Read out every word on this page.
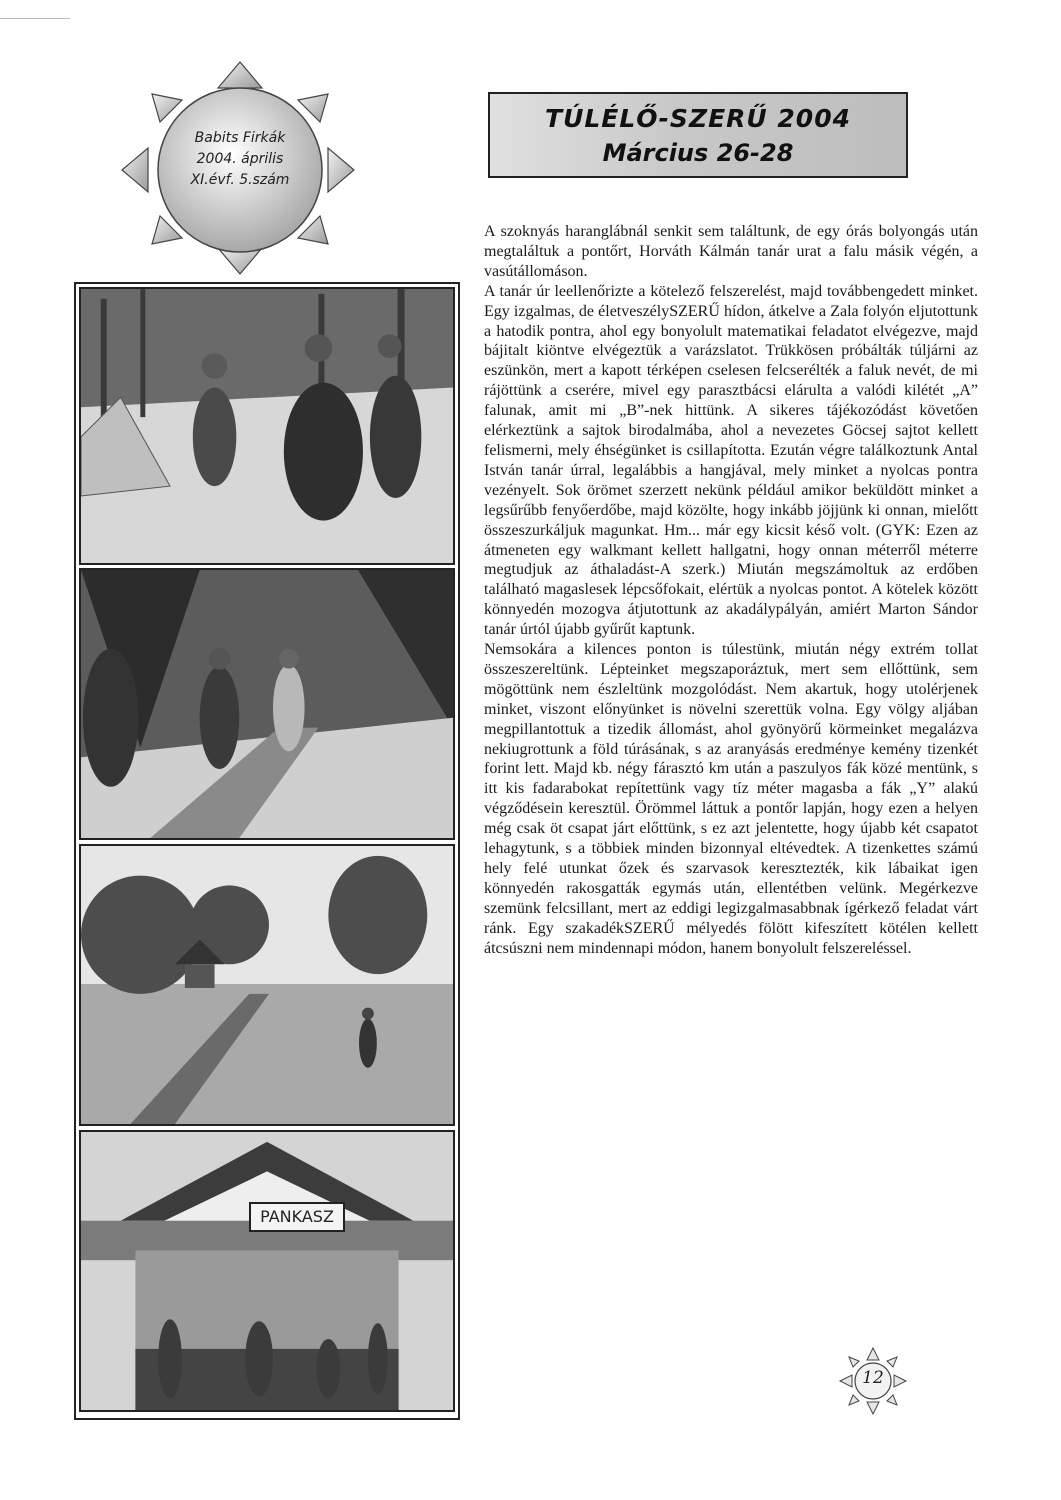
Babits Firkák
2004. április
XI.évf. 5.szám
TÚLÉLŐ-SZERŰ 2004
Március 26-28
PANKASZ

A szoknyás haranglábnál senkit sem találtunk, de egy órás bolyongás után megtaláltuk a pontőrt, Horváth Kálmán tanár urat a falu másik végén, a vasútállomáson.

A tanár úr leellenőrizte a kötelező felszerelést, majd továbbengedett minket. Egy izgalmas, de életveszélySZERŰ hídon, átkelve a Zala folyón eljutottunk a hatodik pontra, ahol egy bonyolult matematikai feladatot elvégezve, majd bájitalt kiöntve elvégeztük a varázslatot. Trükkösen próbálták túljárni az eszünkön, mert a kapott térképen cselesen felcserélték a faluk nevét, de mi rájöttünk a cserére, mivel egy parasztbácsi elárulta a valódi kilétét „A” falunak, amit mi „B”-nek hittünk. A sikeres tájékozódást követően elérkeztünk a sajtok birodalmába, ahol a nevezetes Göcsej sajtot kellett felismerni, mely éhségünket is csillapította. Ezután végre találkoztunk Antal István tanár úrral, legalábbis a hangjával, mely minket a nyolcas pontra vezényelt. Sok örömet szerzett nekünk például amikor beküldött minket a legsűrűbb fenyőerdőbe, majd közölte, hogy inkább jöjjünk ki onnan, mielőtt összeszurkáljuk magunkat. Hm... már egy kicsit késő volt. (GYK: Ezen az átmeneten egy walkmant kellett hallgatni, hogy onnan méterről méterre megtudjuk az áthaladást-A szerk.) Miután megszámoltuk az erdőben található magaslesek lépcsőfokait, elértük a nyolcas pontot. A kötelek között könnyedén mozogva átjutottunk az akadálypályán, amiért Marton Sándor tanár úrtól újabb gyűrűt kaptunk.

Nemsokára a kilences ponton is túlestünk, miután négy extrém tollat összeszereltünk. Lépteinket megszaporáztuk, mert sem ellőttünk, sem mögöttünk nem észleltünk mozgolódást. Nem akartuk, hogy utolérjenek minket, viszont előnyünket is növelni szerettük volna. Egy völgy aljában megpillantottuk a tizedik állomást, ahol gyönyörű körmeinket megalázva nekiugrottunk a föld túrásának, s az aranyásás eredménye kemény tizenkét forint lett. Majd kb. négy fárasztó km után a paszulyos fák közé mentünk, s itt kis fadarabokat repítettünk vagy tíz méter magasba a fák „Y” alakú végződésein keresztül. Örömmel láttuk a pontőr lapján, hogy ezen a helyen még csak öt csapat járt előttünk, s ez azt jelentette, hogy újabb két csapatot lehagytunk, s a többiek minden bizonnyal eltévedtek. A tizenkettes számú hely felé utunkat őzek és szarvasok keresztezték, kik lábaikat igen könnyedén rakosgatták egymás után, ellentétben velünk. Megérkezve szemünk felcsillant, mert az eddigi legizgalmasabbnak ígérkező feladat várt ránk. Egy szakadékSZERŰ mélyedés fölött kifeszített kötélen kellett átcsúszni nem mindennapi módon, hanem bonyolult felszereléssel.

12
